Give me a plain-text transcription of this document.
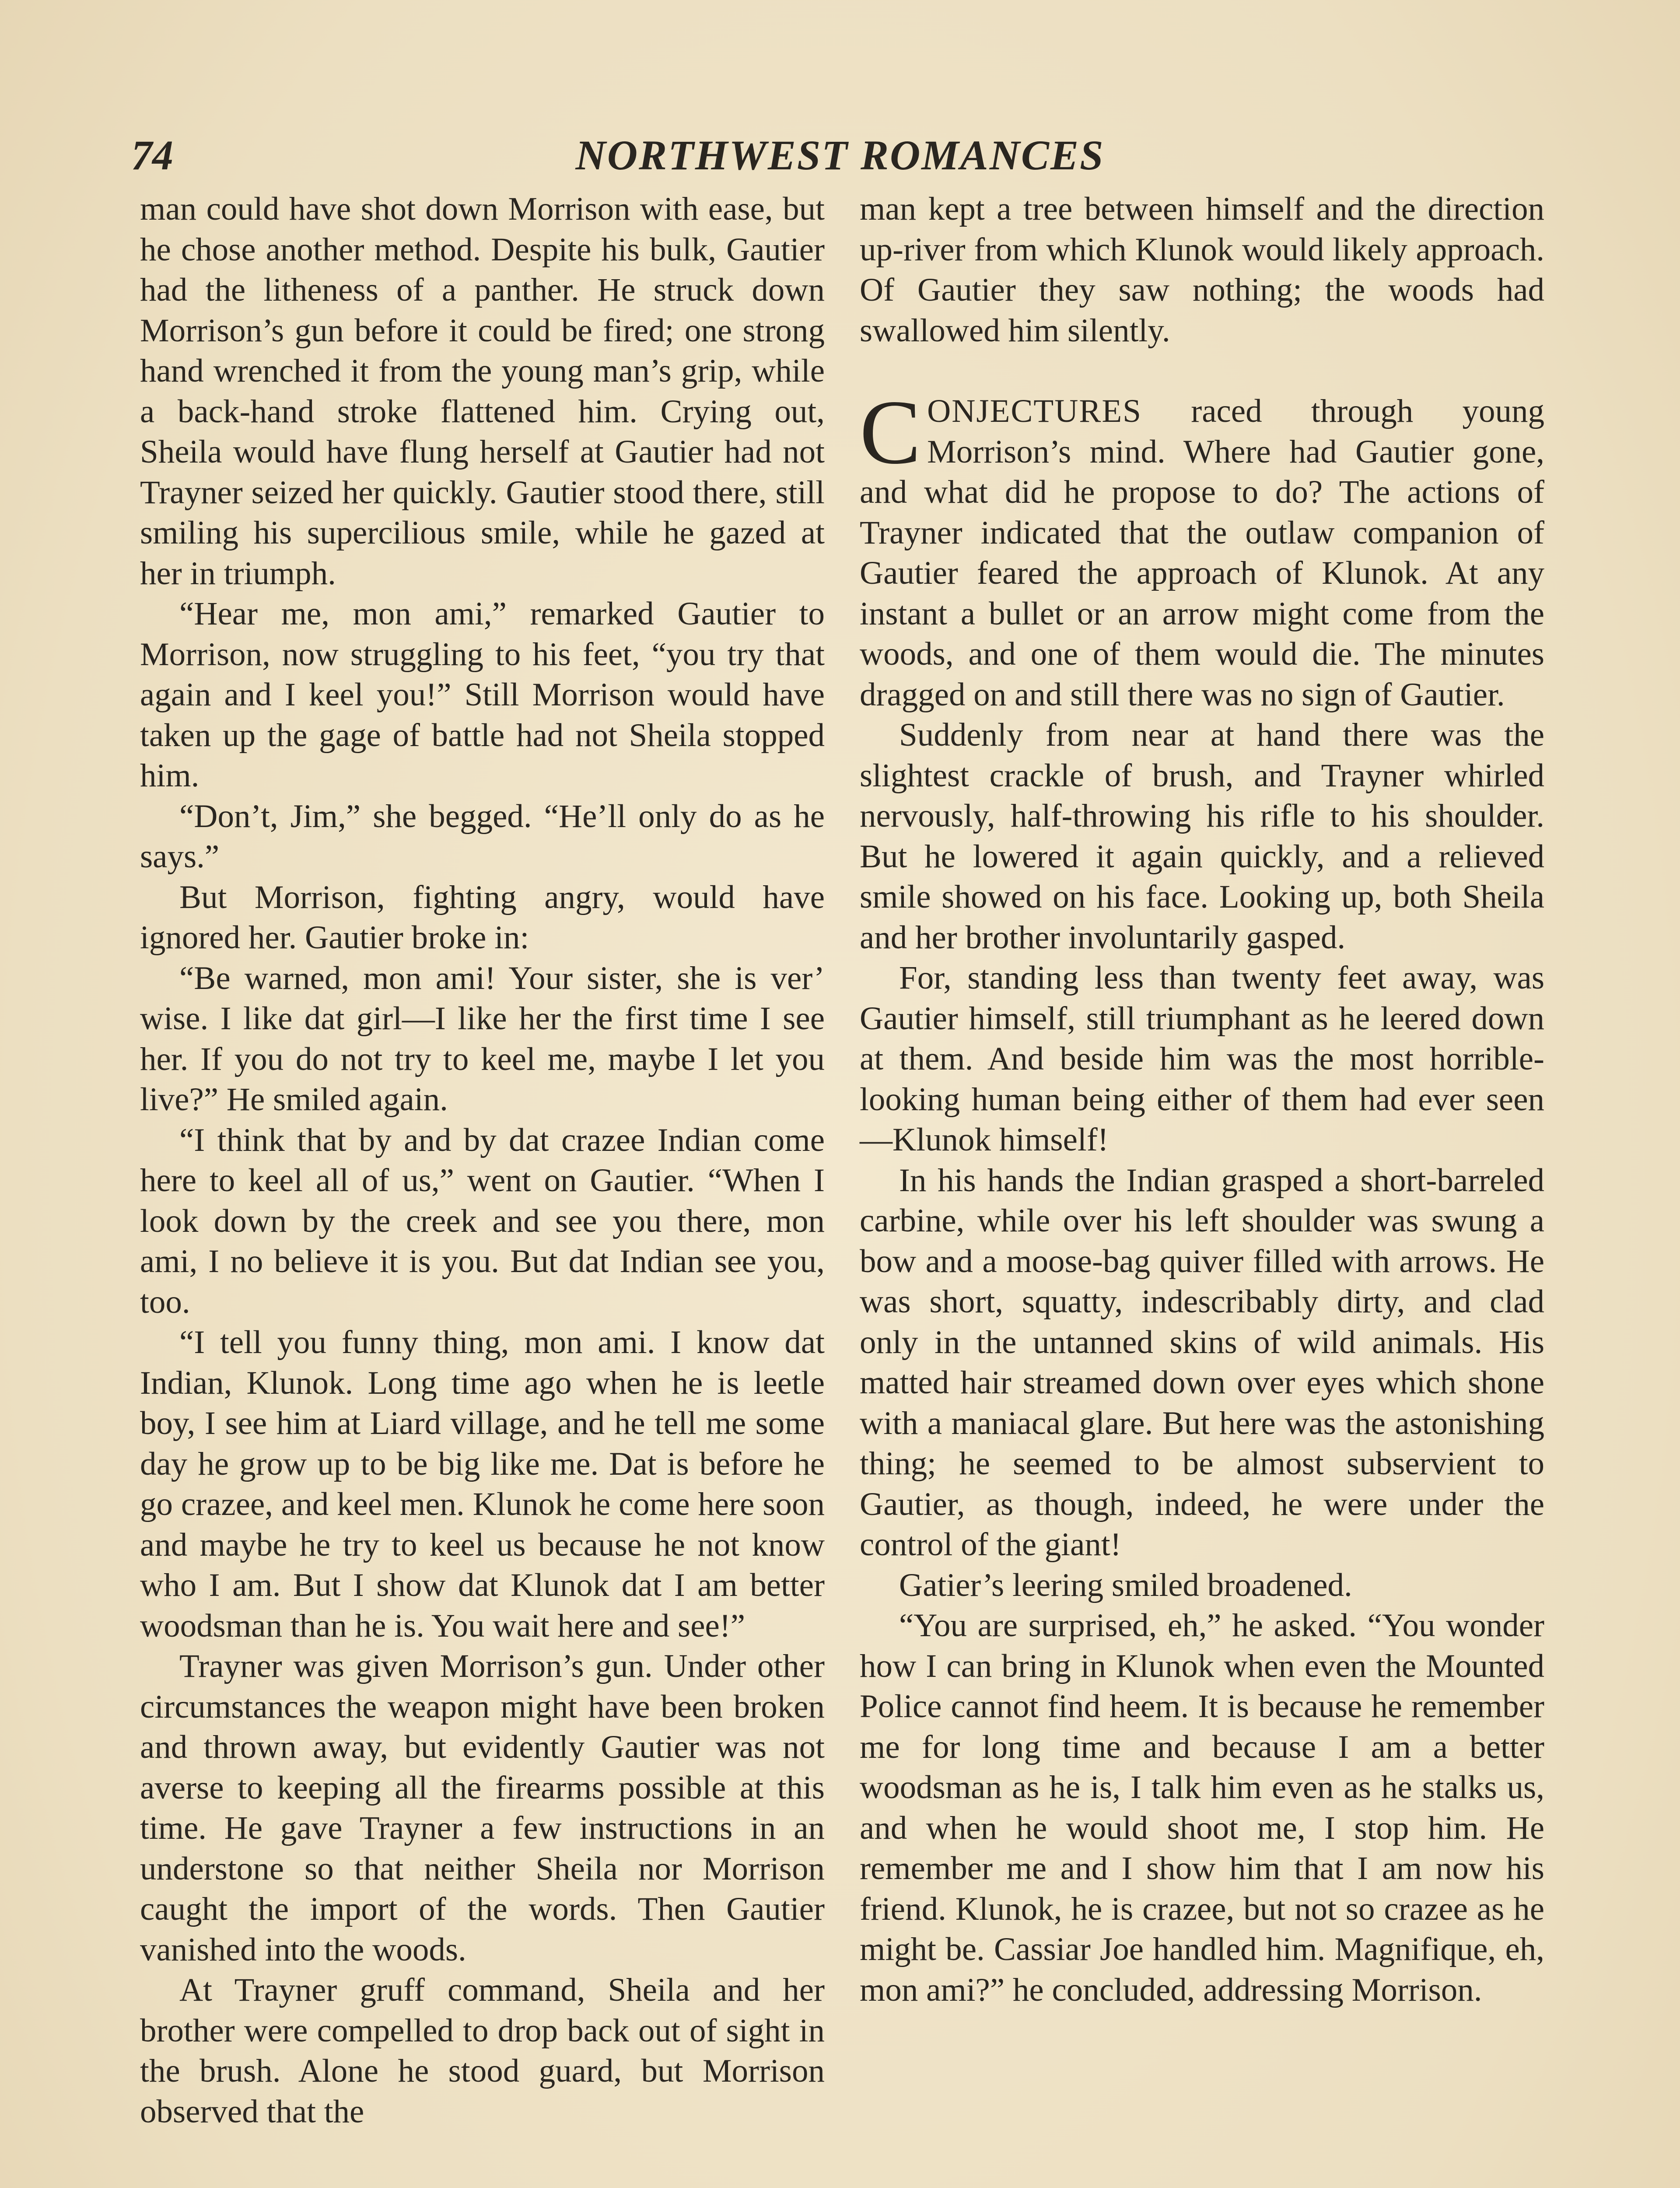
74	NORTHWEST ROMANCES

man could have shot down Morrison with ease, but he chose another method. Despite his bulk, Gautier had the litheness of a panther. He struck down Morrison’s gun before it could be fired; one strong hand wrenched it from the young man’s grip, while a back-hand stroke flattened him. Crying out, Sheila would have flung herself at Gautier had not Trayner seized her quickly. Gautier stood there, still smiling his supercilious smile, while he gazed at her in triumph.

“Hear me, mon ami,” remarked Gautier to Morrison, now struggling to his feet, “you try that again and I keel you!” Still Morrison would have taken up the gage of battle had not Sheila stopped him.

“Don’t, Jim,” she begged. “He’ll only do as he says.”

But Morrison, fighting angry, would have ignored her. Gautier broke in:

“Be warned, mon ami! Your sister, she is ver’ wise. I like dat girl—I like her the first time I see her. If you do not try to keel me, maybe I let you live?” He smiled again.

“I think that by and by dat crazee Indian come here to keel all of us,” went on Gautier. “When I look down by the creek and see you there, mon ami, I no believe it is you. But dat Indian see you, too.

“I tell you funny thing, mon ami. I know dat Indian, Klunok. Long time ago when he is leetle boy, I see him at Liard village, and he tell me some day he grow up to be big like me. Dat is before he go crazee, and keel men. Klunok he come here soon and maybe he try to keel us because he not know who I am. But I show dat Klunok dat I am better woodsman than he is. You wait here and see!”

Trayner was given Morrison’s gun. Under other circumstances the weapon might have been broken and thrown away, but evidently Gautier was not averse to keeping all the firearms possible at this time. He gave Trayner a few instructions in an understone so that neither Sheila nor Morrison caught the import of the words. Then Gautier vanished into the woods.

At Trayner gruff command, Sheila and her brother were compelled to drop back out of sight in the brush. Alone he stood guard, but Morrison observed that the

man kept a tree between himself and the direction up-river from which Klunok would likely approach. Of Gautier they saw nothing; the woods had swallowed him silently.

CONJECTURES raced through young Morrison’s mind. Where had Gautier gone, and what did he propose to do? The actions of Trayner indicated that the outlaw companion of Gautier feared the approach of Klunok. At any instant a bullet or an arrow might come from the woods, and one of them would die. The minutes dragged on and still there was no sign of Gautier.

Suddenly from near at hand there was the slightest crackle of brush, and Trayner whirled nervously, half-throwing his rifle to his shoulder. But he lowered it again quickly, and a relieved smile showed on his face. Looking up, both Sheila and her brother involuntarily gasped.

For, standing less than twenty feet away, was Gautier himself, still triumphant as he leered down at them. And beside him was the most horrible-looking human being either of them had ever seen—Klunok himself!

In his hands the Indian grasped a short-barreled carbine, while over his left shoulder was swung a bow and a moose-bag quiver filled with arrows. He was short, squatty, indescribably dirty, and clad only in the untanned skins of wild animals. His matted hair streamed down over eyes which shone with a maniacal glare. But here was the astonishing thing; he seemed to be almost subservient to Gautier, as though, indeed, he were under the control of the giant!

Gatier’s leering smiled broadened.

“You are surprised, eh,” he asked. “You wonder how I can bring in Klunok when even the Mounted Police cannot find heem. It is because he remember me for long time and because I am a better woodsman as he is, I talk him even as he stalks us, and when he would shoot me, I stop him. He remember me and I show him that I am now his friend. Klunok, he is crazee, but not so crazee as he might be. Cassiar Joe handled him. Magnifique, eh, mon ami?” he concluded, addressing Morrison.
